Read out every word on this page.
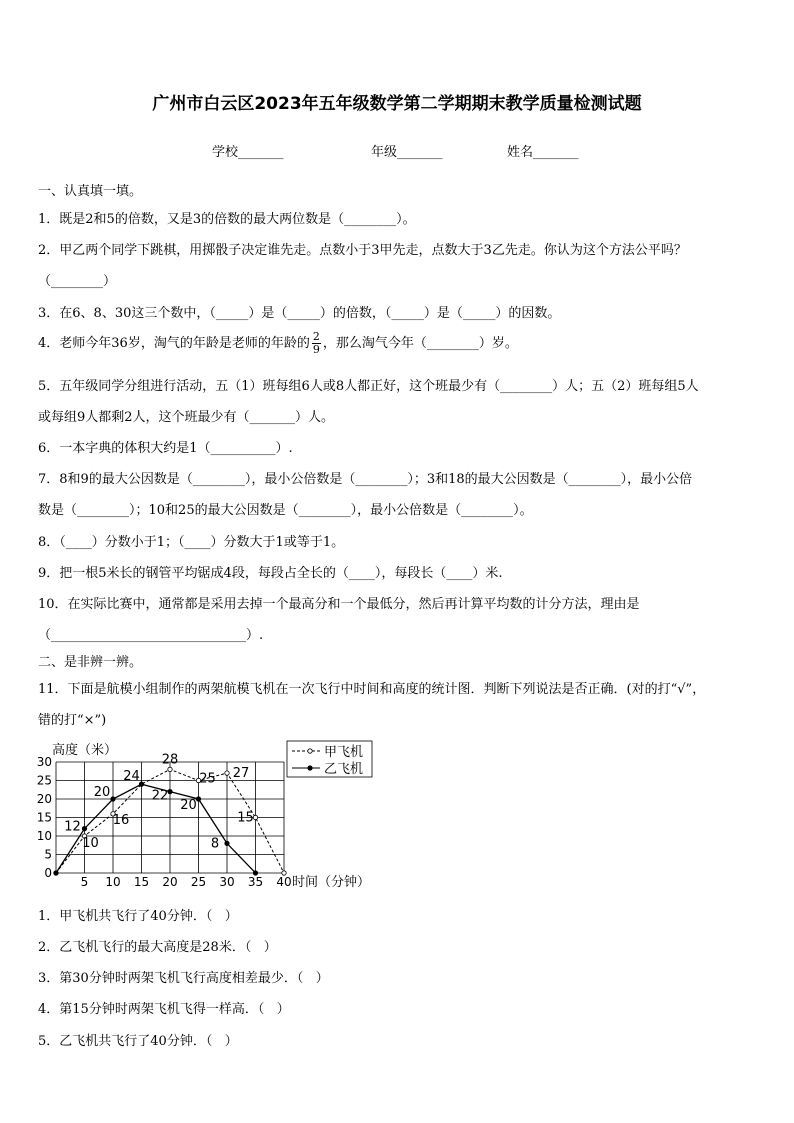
广州市白云区2023年五年级数学第二学期期末教学质量检测试题
学校_______	年级_______	姓名_______
一、认真填一填。
1．既是2和5的倍数，又是3的倍数的最大两位数是（________）。
2．甲乙两个同学下跳棋，用掷骰子决定谁先走。点数小于3甲先走，点数大于3乙先走。你认为这个方法公平吗？
（________）
3．在6、8、30这三个数中，（_____）是（_____）的倍数，（_____）是（_____）的因数。
4．老师今年36岁，淘气的年龄是老师的年龄的 $\frac{2}{9}$ ，那么淘气今年（________）岁。
5．五年级同学分组进行活动，五（1）班每组6人或8人都正好，这个班最少有（________）人；五（2）班每组5人
或每组9人都剩2人，这个班最少有（_______）人。
6．一本字典的体积大约是1（__________）.
7．8和9的最大公因数是（________），最小公倍数是（________）；3和18的最大公因数是（________），最小公倍
数是（________）；10和25的最大公因数是（________），最小公倍数是（________）。
8．（____）分数小于1；（____）分数大于1或等于1。
9．把一根5米长的钢管平均锯成4段，每段占全长的（____），每段长（____）米.
10．在实际比赛中，通常都是采用去掉一个最高分和一个最低分，然后再计算平均数的计分方法，理由是
（______________________________）.
二、是非辨一辨。
11．下面是航模小组制作的两架航模飞机在一次飞行中时间和高度的统计图．判断下列说法是否正确．(对的打“√”，
错的打“×”)
5 10 15 20 25 30 35 40
0
5
10
15
20
25
30
高度（米）
时间（分钟）
28
25 27
24
20	22
20
12 16	15
10	8
甲飞机
乙飞机
1．甲飞机共飞行了40分钟．（   ）
2．乙飞机飞行的最大高度是28米．（   ）
3．第30分钟时两架飞机飞行高度相差最少．（   ）
4．第15分钟时两架飞机飞得一样高．（   ）
5．乙飞机共飞行了40分钟．（   ）
